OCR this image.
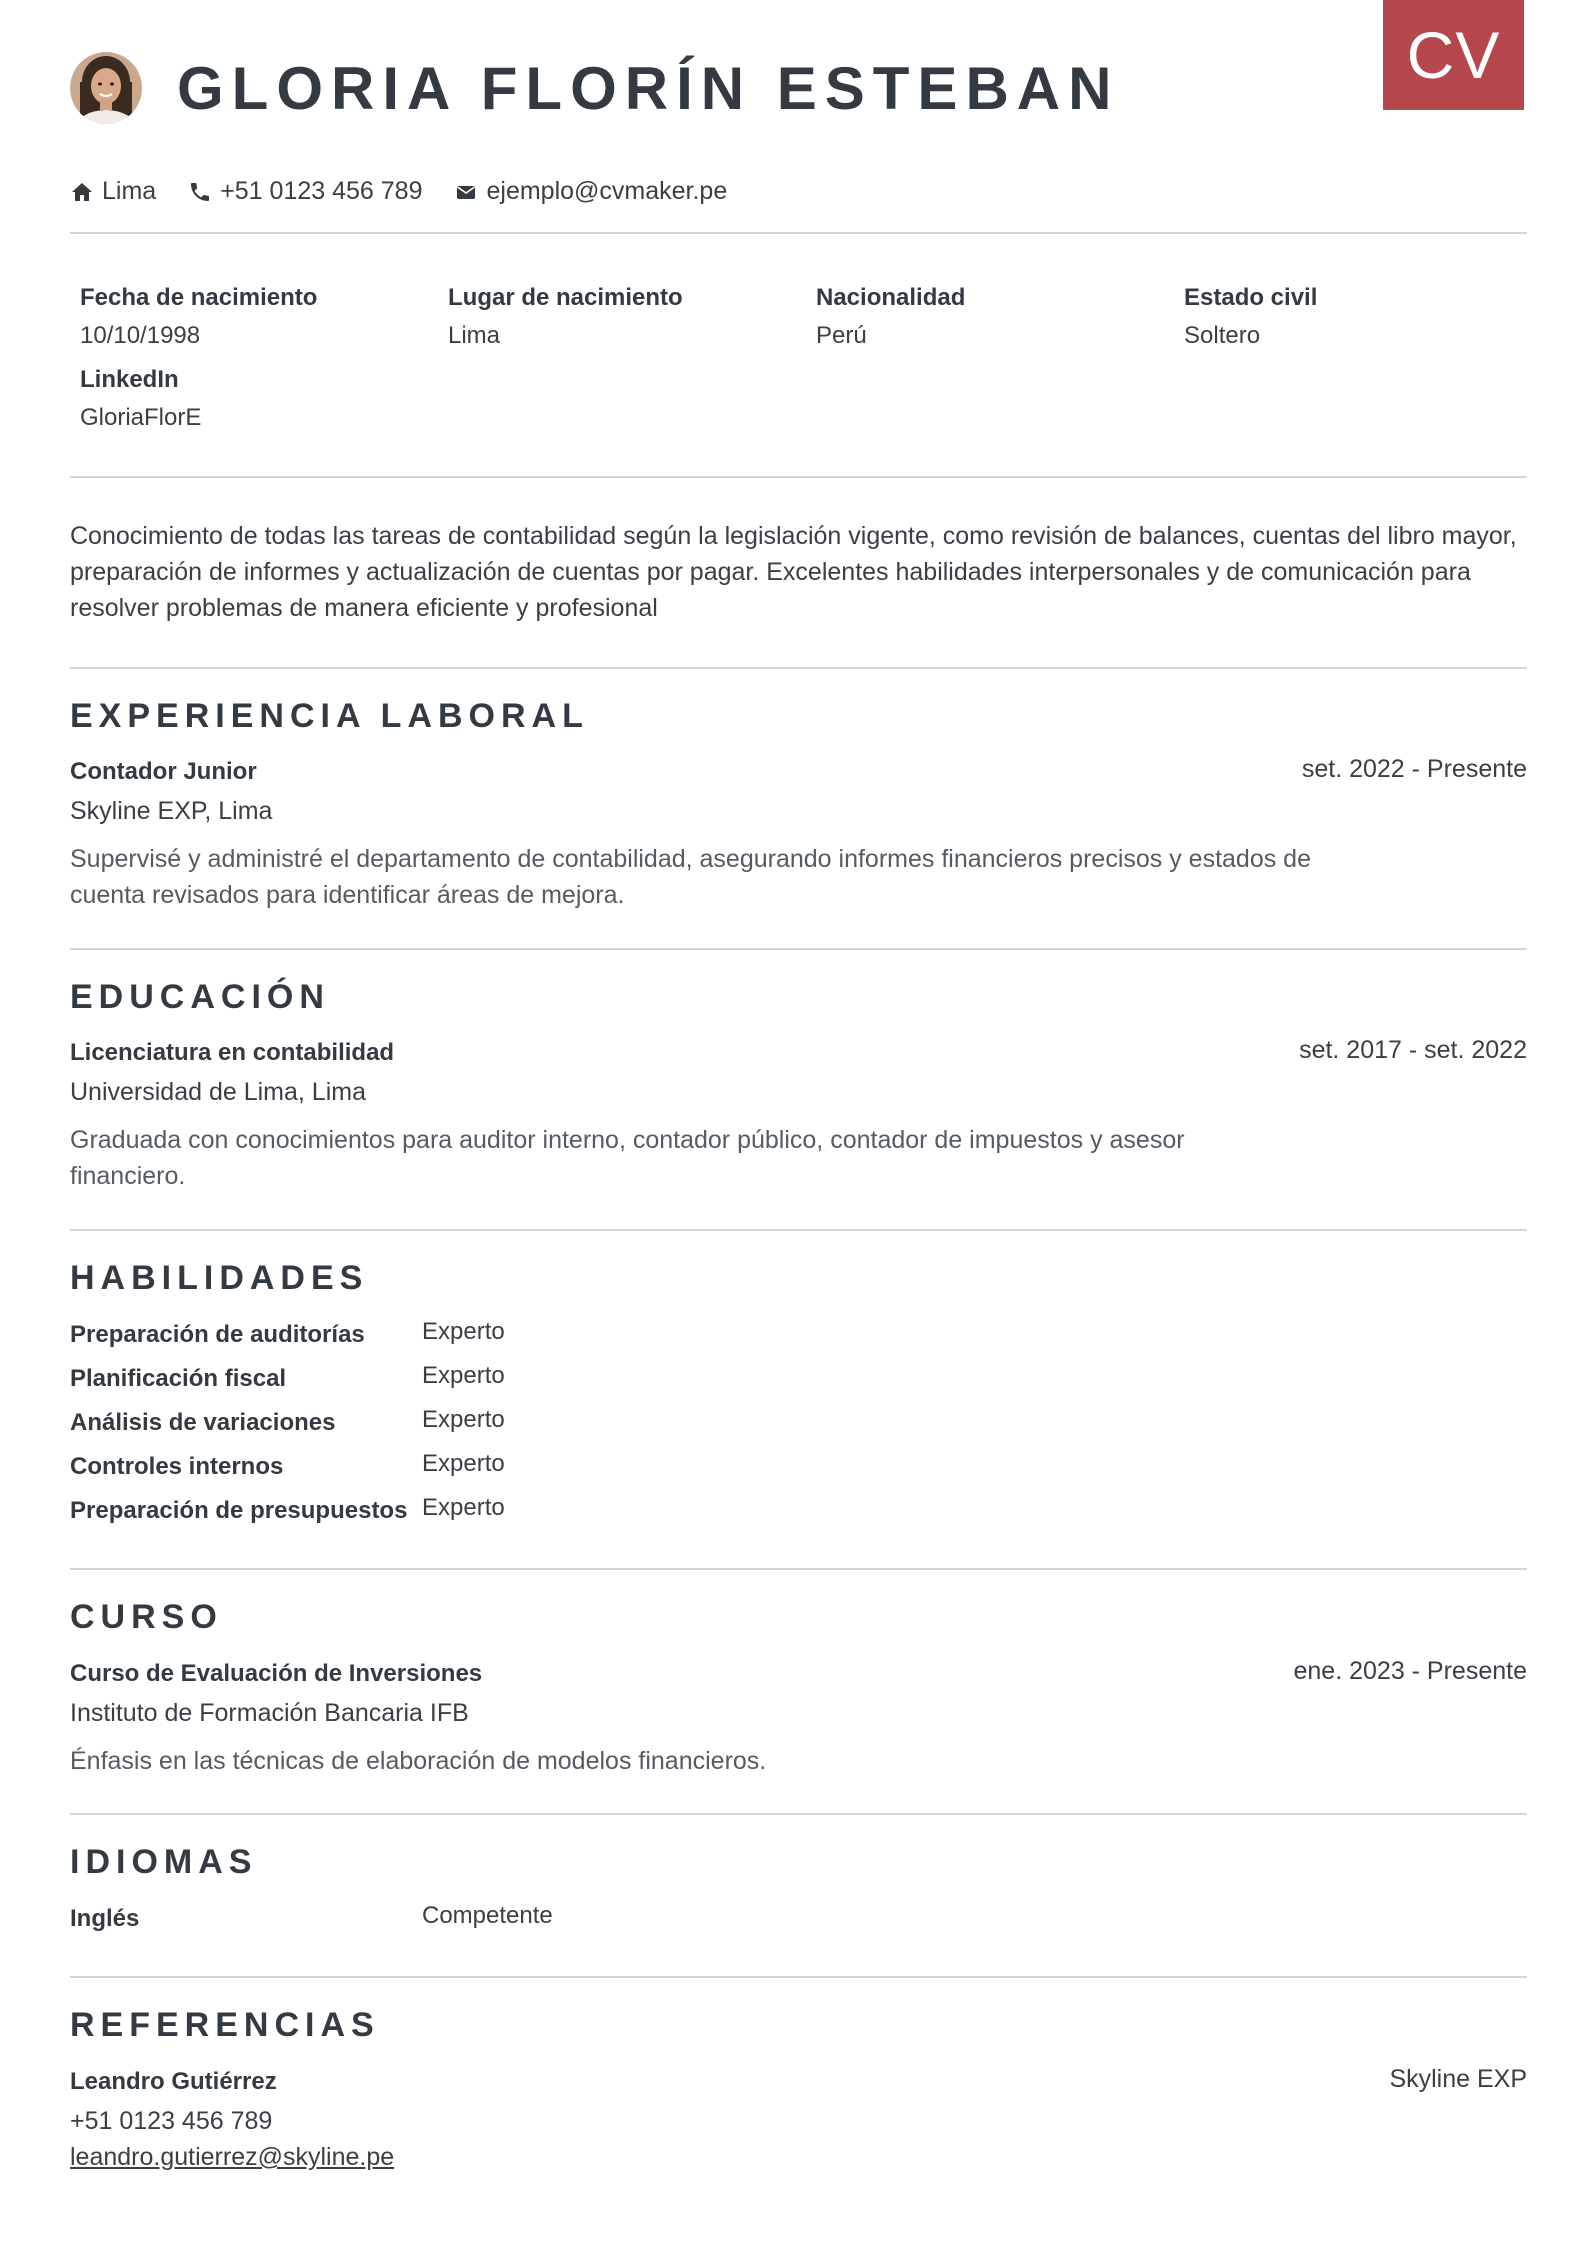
CV
GLORIA FLORÍN ESTEBAN
Lima	+51 0123 456 789	ejemplo@cvmaker.pe
Fecha de nacimiento
10/10/1998
Lugar de nacimiento
Lima
Nacionalidad
Perú
Estado civil
Soltero
LinkedIn
GloriaFlorE
Conocimiento de todas las tareas de contabilidad según la legislación vigente, como revisión de balances, cuentas del libro mayor, preparación de informes y actualización de cuentas por pagar. Excelentes habilidades interpersonales y de comunicación para resolver problemas de manera eficiente y profesional
EXPERIENCIA LABORAL
Contador Junior	set. 2022 - Presente
Skyline EXP, Lima
Supervisé y administré el departamento de contabilidad, asegurando informes financieros precisos y estados de cuenta revisados para identificar áreas de mejora.
EDUCACIÓN
Licenciatura en contabilidad	set. 2017 - set. 2022
Universidad de Lima, Lima
Graduada con conocimientos para auditor interno, contador público, contador de impuestos y asesor financiero.
HABILIDADES
Preparación de auditorías Experto
Planificación fiscal	Experto
Análisis de variaciones	Experto
Controles internos	Experto
Preparación de presupuestos Experto
CURSO
Curso de Evaluación de Inversiones	ene. 2023 - Presente
Instituto de Formación Bancaria IFB
Énfasis en las técnicas de elaboración de modelos financieros.
IDIOMAS
Inglés	Competente
REFERENCIAS
Leandro Gutiérrez	Skyline EXP
+51 0123 456 789
leandro.gutierrez@skyline.pe
